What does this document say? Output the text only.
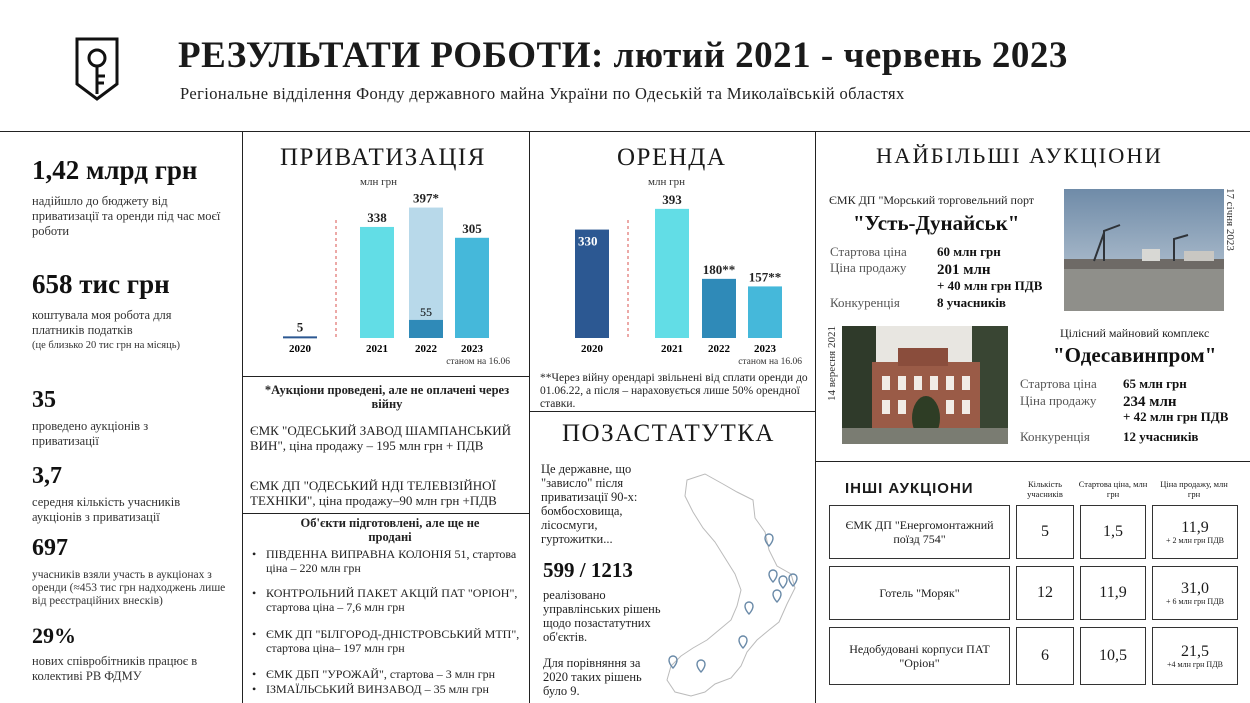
РЕЗУЛЬТАТИ РОБОТИ: лютий 2021 - червень 2023
Регіональне відділення Фонду державного майна України по Одеській та Миколаївській областях
1,42 млрд грн
надійшло до бюджету від приватизації та оренди під час моєї роботи
658 тис грн
коштувала моя робота для платників податків
(це близько 20 тис грн на місяць)
35
проведено аукціонів з приватизації
3,7
середня кількість учасників аукціонів з приватизації
697
учасників взяли участь в аукціонах з оренди (≈453 тис грн надходжень лише від реєстраційних внесків)
29%
нових співробітників працює в колективі РВ ФДМУ
ПРИВАТИЗАЦІЯ
млн грн
5
2020
338
2021
55
397*
2022
305
2023
станом на 16.06
ОРЕНДА
млн грн
330
2020
393
2021
180**
2022
157**
2023
станом на 16.06
**Через війну орендарі звільнені від сплати оренди до 01.06.22, а після – нараховується лише 50% орендної ставки.
*Аукціони проведені, але не оплачені через війну
ЄМК "ОДЕСЬКИЙ ЗАВОД ШАМПАНСЬКИЙ ВИН", ціна продажу – 195 млн грн + ПДВ
ЄМК ДП "ОДЕСЬКИЙ НДІ ТЕЛЕВІЗІЙНОЇ ТЕХНІКИ", ціна продажу–90 млн грн +ПДВ
Об'єкти підготовлені, але ще не продані
• ПІВДЕННА ВИПРАВНА КОЛОНІЯ 51, стартова ціна – 220 млн грн
• КОНТРОЛЬНИЙ ПАКЕТ АКЦІЙ ПАТ "ОРІОН", стартова ціна – 7,6 млн грн
• ЄМК ДП "БІЛГОРОД-ДНІСТРОВСЬКИЙ МТП", стартова ціна– 197 млн грн
• ЄМК ДБП "УРОЖАЙ", стартова – 3 млн грн
• ІЗМАЇЛЬСЬКИЙ ВИНЗАВОД – 35 млн грн
ПОЗАСТАТУТКА
Це державне, що "зависло" після приватизації 90-х: бомбосховища, лісосмуги, гуртожитки...
599 / 1213
реалізовано управлінських рішень щодо позастатутних об'єктів.
Для порівняння за 2020 таких рішень було 9.
НАЙБІЛЬШІ АУКЦІОНИ
ЄМК ДП "Морський торговельний порт
"Усть-Дунайськ"
Стартова ціна 60 млн грн
Ціна продажу 201 млн
+ 40 млн грн ПДВ
Конкуренція	8 учасників
17 січня 2023
14 вересня 2021	Цілісний майновий комплекс
"Одесавинпром"
Стартова ціна 65 млн грн
Ціна продажу 234 млн
+ 42 млн грн ПДВ
Конкуренція	12 учасників
ІНШІ АУКЦІОНИ	Кількість учасників
Стартова ціна, млн грн
Ціна продажу, млн грн
ЄМК ДП "Енергомонтажний поїзд 754"	5	1,5	11,9
+ 2 млн грн ПДВ
Готель "Моряк"	12	11,9	31,0
+ 6 млн грн ПДВ
Недобудовані корпуси ПАТ "Оріон"	6	10,5	21,5
+4 млн грн ПДВ
